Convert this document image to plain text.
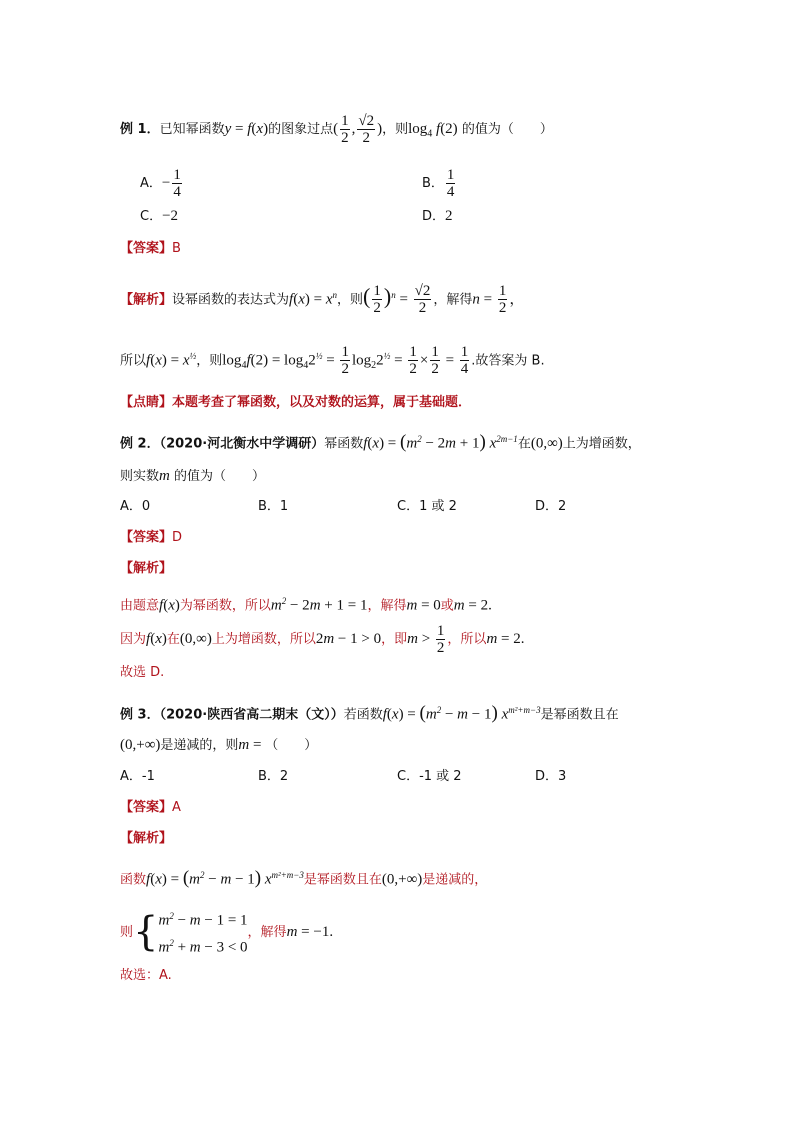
例 1．已知幂函数y = f(x)的图象过点( $\frac{1}{2}$ , $\frac{√2}{2}$ )，则$\log_4 f(2)$ 的值为（　　）
A．− $\frac{1}{4}$	B． $\frac{1}{4}$
C．−2	D．2
【答案】B
【解析】设幂函数的表达式为$f(x) = x^n$，则( $\frac{1}{2} )^n = \frac{√2}{2}$ ，解得$n = \frac{1}{2}$ ，
所以$f(x) = x^{\frac{1}{2}}$，则$\log_4f(2) = \log_42^{\frac{1}{2}} = \frac{1}{2} \log_22^{\frac{1}{2}} = \frac{1}{2} \times \frac{1}{2} = \frac{1}{4}$ .故答案为 B.
【点睛】本题考查了幂函数，以及对数的运算，属于基础题．
例 2．（2020·河北衡水中学调研）幂函数$f(x) = (m^2 - 2m + 1)$ $x^{2m-1}$在(0,∞)上为增函数，
则实数m 的值为（　　）
A．0	B．1	C．1 或 2	D．2
【答案】D
【解析】
由题意f(x)为幂函数，所以$m^2 - 2m + 1 = 1$，解得m = 0或m = 2.
因为f(x)在(0,∞)上为增函数，所以2m − 1 > 0，即$m > \frac{1}{2}$ ，所以m = 2.
故选 D.
例 3．（2020·陕西省高二期末（文））若函数$f(x) = (m^2 - m - 1)$ $x^{m^2+m-3}$是幂函数且在
(0,+∞)是递减的，则m = （　　）
A．-1	B．2	C．-1 或 2	D．3
【答案】A
【解析】
函数$f(x) = (m^2 - m - 1)$ $x^{m^2+m-3}$是幂函数且在(0,+∞)是递减的，
则{ $m^2 - m - 1 = 1$
$m^2 + m - 3 < 0$
，解得m = −1.
故选：A.
